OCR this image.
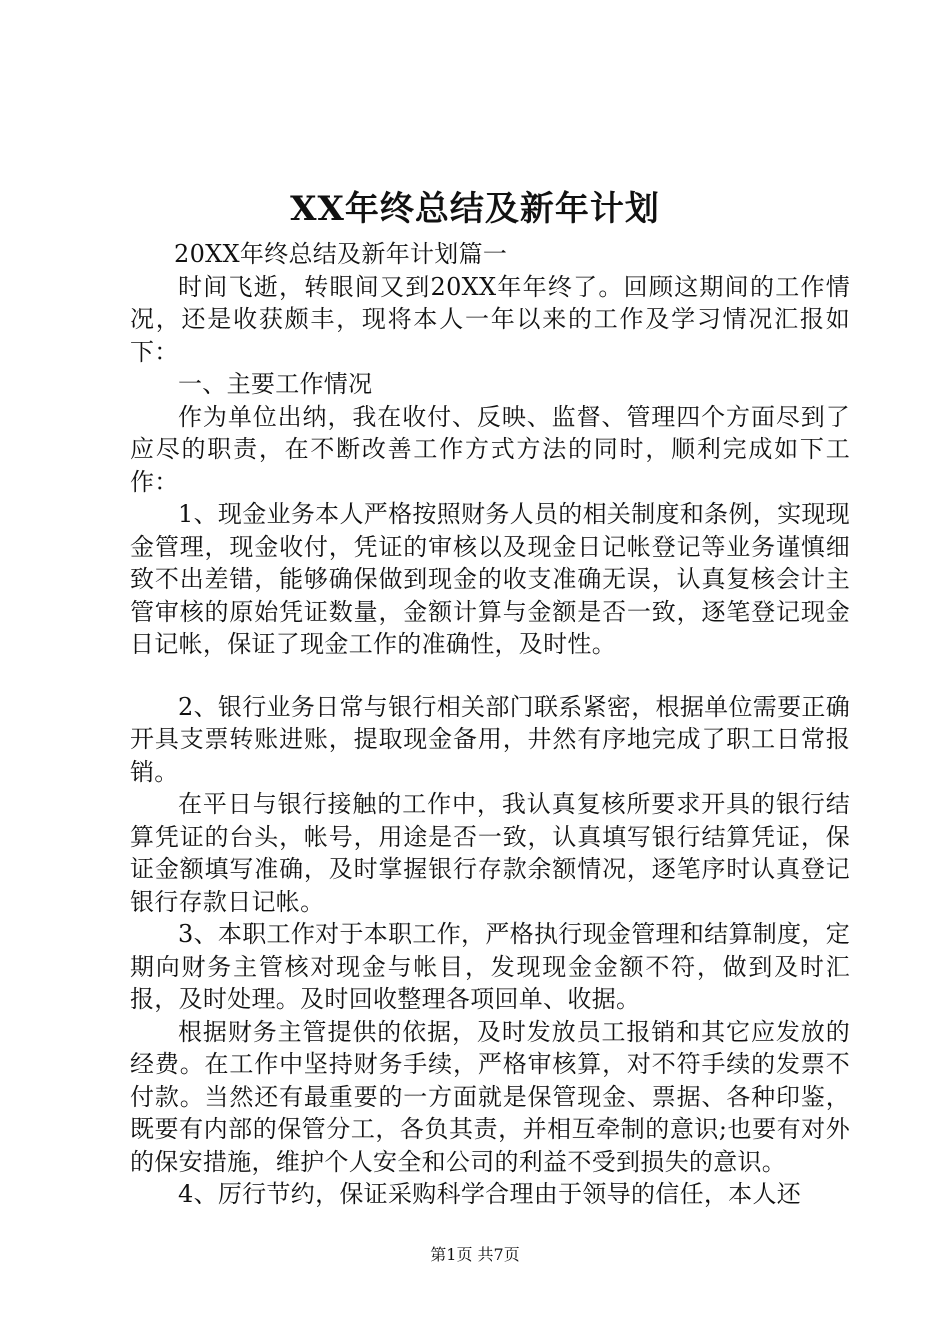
XX年终总结及新年计划

20XX年终总结及新年计划篇一

时间飞逝，转眼间又到20XX年年终了。回顾这期间的工作情况，还是收获颇丰，现将本人一年以来的工作及学习情况汇报如下：

一、主要工作情况

作为单位出纳，我在收付、反映、监督、管理四个方面尽到了应尽的职责，在不断改善工作方式方法的同时，顺利完成如下工作：

1、现金业务本人严格按照财务人员的相关制度和条例，实现现金管理，现金收付，凭证的审核以及现金日记帐登记等业务谨慎细致不出差错，能够确保做到现金的收支准确无误，认真复核会计主管审核的原始凭证数量，金额计算与金额是否一致，逐笔登记现金日记帐，保证了现金工作的准确性，及时性。

2、银行业务日常与银行相关部门联系紧密，根据单位需要正确开具支票转账进账，提取现金备用，井然有序地完成了职工日常报销。

在平日与银行接触的工作中，我认真复核所要求开具的银行结算凭证的台头，帐号，用途是否一致，认真填写银行结算凭证，保证金额填写准确，及时掌握银行存款余额情况，逐笔序时认真登记银行存款日记帐。

3、本职工作对于本职工作，严格执行现金管理和结算制度，定期向财务主管核对现金与帐目，发现现金金额不符，做到及时汇报，及时处理。及时回收整理各项回单、收据。

根据财务主管提供的依据，及时发放员工报销和其它应发放的经费。在工作中坚持财务手续，严格审核算，对不符手续的发票不付款。当然还有最重要的一方面就是保管现金、票据、各种印鉴，既要有内部的保管分工，各负其责，并相互牵制的意识;也要有对外的保安措施，维护个人安全和公司的利益不受到损失的意识。

4、厉行节约，保证采购科学合理由于领导的信任，本人还

第1页 共7页
